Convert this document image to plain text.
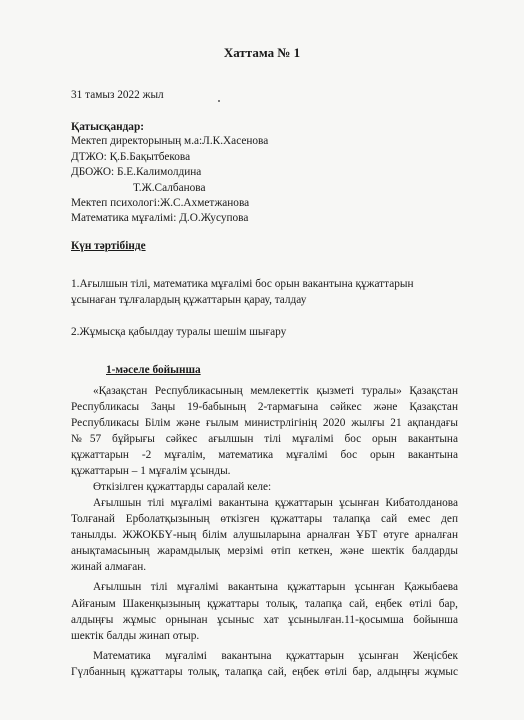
Хаттама № 1

31 тамыз 2022 жыл

Қатысқандар:

Мектеп директорының м.а:Л.К.Хасенова

ДТЖО: Қ.Б.Бақытбекова

ДБОЖО: Б.Е.Калимолдина

Т.Ж.Салбанова

Мектеп психологі:Ж.С.Ахметжанова

Математика мұғалімі: Д.О.Жусупова

Күн тәртібінде

1.Ағылшын тілі, математика мұғалімі бос орын вакантына құжаттарын

ұсынаған тұлғалардың құжаттарын қарау, талдау

2.Жұмысқа қабылдау туралы шешім шығару

1-мәселе бойынша

«Қазақстан Республикасының мемлекеттік қызметі туралы» Қазақстан

Республикасы Заңы 19-бабының 2-тармағына сәйкес және Қазақстан

Республикасы Білім және ғылым министрлігінің 2020 жылғы 21 ақпандағы

№57 бұйрығы сәйкес ағылшын тілі мұғалімі бос орын вакантына

құжаттарын -2 мұғалім, математика мұғалімі бос орын вакантына

құжаттарын – 1 мұғалім ұсынды.

Өткізілген құжаттарды саралай келе:

Ағылшын тілі мұғалімі вакантына құжаттарын ұсынған Кибатолданова

Толғанай Ерболатқызының өткізген құжаттары талапқа сай емес деп

танылды. ЖЖОКБҮ-ның білім алушыларына арналған ҰБТ өтуге арналған

анықтамасының жарамдылық мерзімі өтіп кеткен, және шектік балдарды

жинай алмаған.

Ағылшын тілі мұғалімі вакантына құжаттарын ұсынған Қажыбаева

Айғаным Шакенқызының құжаттары толық, талапқа сай, еңбек өтілі бар,

алдыңғы жұмыс орнынан ұсыныс хат ұсынылған.11-қосымша бойынша

шектік балды жинап отыр.

Математика мұғалімі вакантына құжаттарын ұсынған Жеңісбек

Гүлбанның құжаттары толық, талапқа сай, еңбек өтілі бар, алдыңғы жұмыс
